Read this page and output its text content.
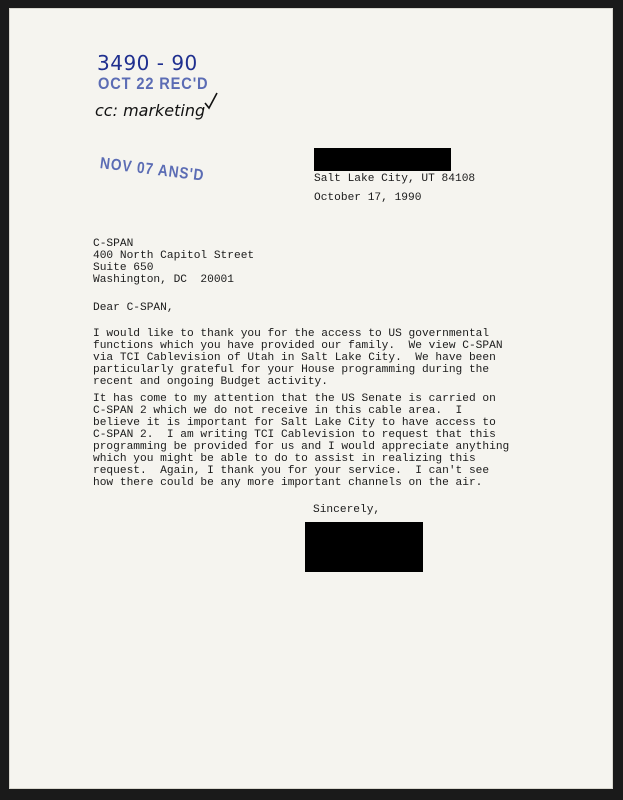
3490 - 90
OCT 22 REC'D
cc: marketing
NOV 07 ANS'D	Salt Lake City, UT 84108
October 17, 1990
C-SPAN
400 North Capitol Street
Suite 650
Washington, DC  20001
Dear C-SPAN,
I would like to thank you for the access to US governmental
functions which you have provided our family.  We view C-SPAN
via TCI Cablevision of Utah in Salt Lake City.  We have been
particularly grateful for your House programming during the
recent and ongoing Budget activity.
It has come to my attention that the US Senate is carried on
C-SPAN 2 which we do not receive in this cable area.  I
believe it is important for Salt Lake City to have access to
C-SPAN 2.  I am writing TCI Cablevision to request that this
programming be provided for us and I would appreciate anything
which you might be able to do to assist in realizing this
request.  Again, I thank you for your service.  I can't see
how there could be any more important channels on the air.
Sincerely,
